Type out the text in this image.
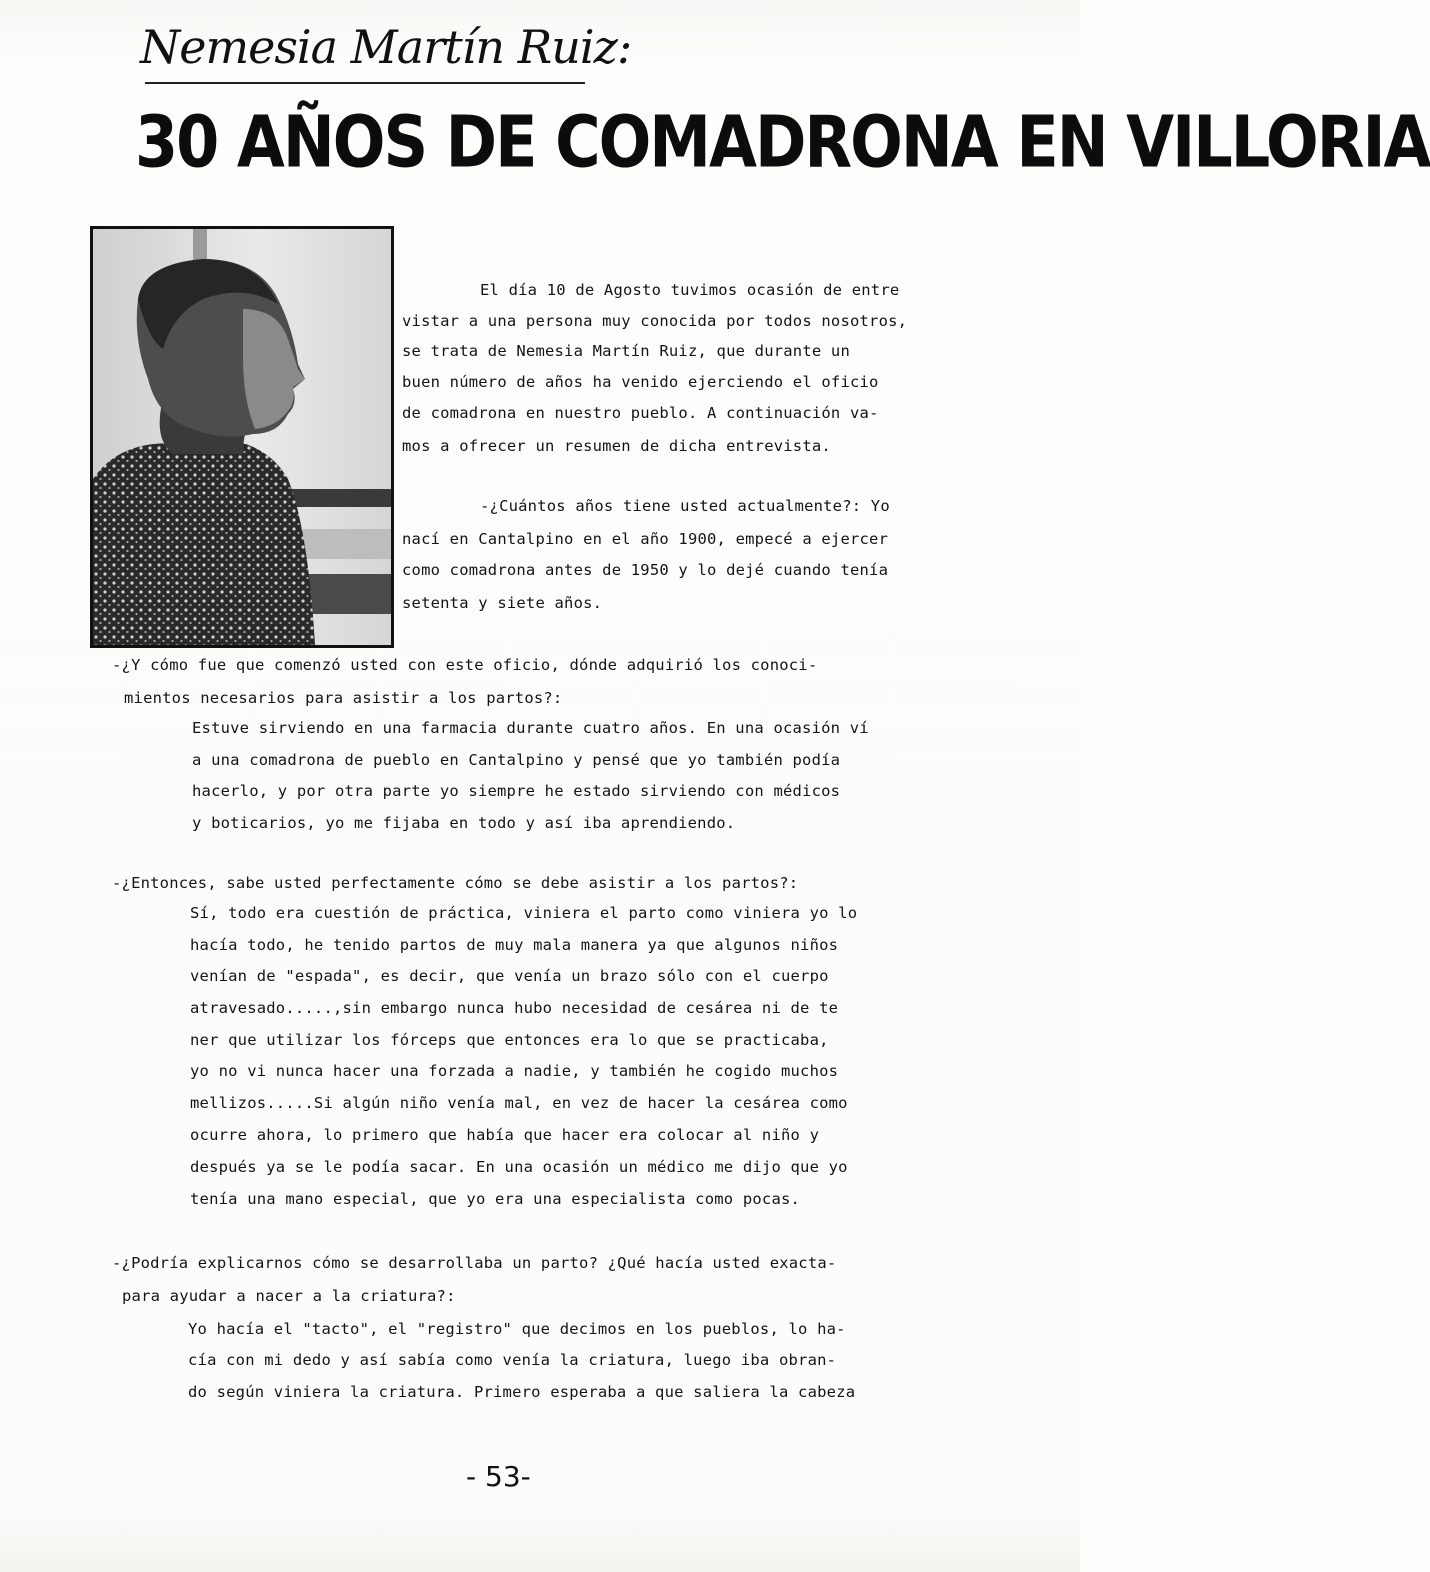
Nemesia Martín Ruiz:
30 AÑOS DE COMADRONA EN VILLORIA
El día 10 de Agosto tuvimos ocasión de entre
vistar a una persona muy conocida por todos nosotros,
se trata de Nemesia Martín Ruiz, que durante un
buen número de años ha venido ejerciendo el oficio
de comadrona en nuestro pueblo. A continuación va-
mos a ofrecer un resumen de dicha entrevista.
-¿Cuántos años tiene usted actualmente?: Yo
nací en Cantalpino en el año 1900, empecé a ejercer
como comadrona antes de 1950 y lo dejé cuando tenía
setenta y siete años.
-¿Y cómo fue que comenzó usted con este oficio, dónde adquirió los conoci-
mientos necesarios para asistir a los partos?:
Estuve sirviendo en una farmacia durante cuatro años. En una ocasión ví
a una comadrona de pueblo en Cantalpino y pensé que yo también podía
hacerlo, y por otra parte yo siempre he estado sirviendo con médicos
y boticarios, yo me fijaba en todo y así iba aprendiendo.
-¿Entonces, sabe usted perfectamente cómo se debe asistir a los partos?:
Sí, todo era cuestión de práctica, viniera el parto como viniera yo lo
hacía todo, he tenido partos de muy mala manera ya que algunos niños
venían de "espada", es decir, que venía un brazo sólo con el cuerpo
atravesado.....,sin embargo nunca hubo necesidad de cesárea ni de te
ner que utilizar los fórceps que entonces era lo que se practicaba,
yo no vi nunca hacer una forzada a nadie, y también he cogido muchos
mellizos.....Si algún niño venía mal, en vez de hacer la cesárea como
ocurre ahora, lo primero que había que hacer era colocar al niño y
después ya se le podía sacar. En una ocasión un médico me dijo que yo
tenía una mano especial, que yo era una especialista como pocas.
-¿Podría explicarnos cómo se desarrollaba un parto? ¿Qué hacía usted exacta-
para ayudar a nacer a la criatura?:
Yo hacía el "tacto", el "registro" que decimos en los pueblos, lo ha-
cía con mi dedo y así sabía como venía la criatura, luego iba obran-
do según viniera la criatura. Primero esperaba a que saliera la cabeza
- 53-
